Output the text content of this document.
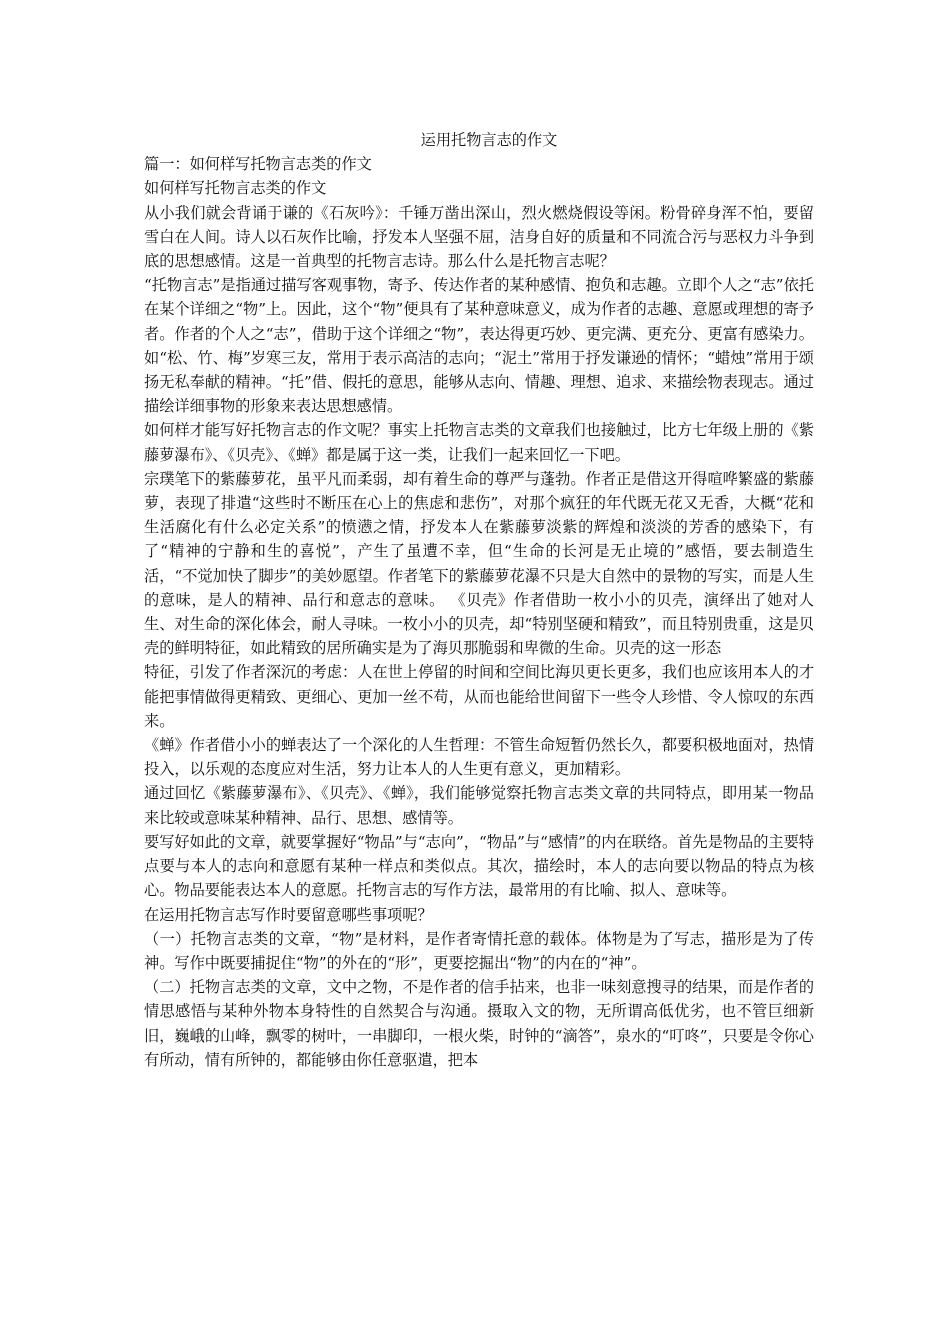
运用托物言志的作文

篇一：如何样写托物言志类的作文

如何样写托物言志类的作文

从小我们就会背诵于谦的《石灰吟》：千锤万凿出深山，烈火燃烧假设等闲。粉骨碎身浑不怕，要留雪白在人间。诗人以石灰作比喻，抒发本人坚强不屈，洁身自好的质量和不同流合污与恶权力斗争到底的思想感情。这是一首典型的托物言志诗。那么什么是托物言志呢？

“托物言志”是指通过描写客观事物，寄予、传达作者的某种感情、抱负和志趣。立即个人之“志”依托在某个详细之“物”上。因此，这个“物”便具有了某种意味意义，成为作者的志趣、意愿或理想的寄予者。作者的个人之“志”，借助于这个详细之“物”，表达得更巧妙、更完满、更充分、更富有感染力。如“松、竹、梅”岁寒三友，常用于表示高洁的志向；“泥土”常用于抒发谦逊的情怀；“蜡烛”常用于颂扬无私奉献的精神。“托”借、假托的意思，能够从志向、情趣、理想、追求、来描绘物表现志。通过描绘详细事物的形象来表达思想感情。

如何样才能写好托物言志的作文呢？事实上托物言志类的文章我们也接触过，比方七年级上册的《紫藤萝瀑布》、《贝壳》、《蝉》都是属于这一类，让我们一起来回忆一下吧。

宗璞笔下的紫藤萝花，虽平凡而柔弱，却有着生命的尊严与蓬勃。作者正是借这开得喧哗繁盛的紫藤萝，表现了排遣“这些时不断压在心上的焦虑和悲伤”，对那个疯狂的年代既无花又无香，大概“花和生活腐化有什么必定关系”的愤懑之情，抒发本人在紫藤萝淡紫的辉煌和淡淡的芳香的感染下，有了“精神的宁静和生的喜悦”，产生了虽遭不幸，但“生命的长河是无止境的”感悟，要去制造生活，“不觉加快了脚步”的美妙愿望。作者笔下的紫藤萝花瀑不只是大自然中的景物的写实，而是人生的意味，是人的精神、品行和意志的意味。 《贝壳》作者借助一枚小小的贝壳，演绎出了她对人生、对生命的深化体会，耐人寻味。一枚小小的贝壳，却“特别坚硬和精致”，而且特别贵重，这是贝壳的鲜明特征，如此精致的居所确实是为了海贝那脆弱和卑微的生命。贝壳的这一形态

特征，引发了作者深沉的考虑：人在世上停留的时间和空间比海贝更长更多，我们也应该用本人的才能把事情做得更精致、更细心、更加一丝不苟，从而也能给世间留下一些令人珍惜、令人惊叹的东西来。

《蝉》作者借小小的蝉表达了一个深化的人生哲理：不管生命短暂仍然长久，都要积极地面对，热情投入，以乐观的态度应对生活，努力让本人的人生更有意义，更加精彩。

通过回忆《紫藤萝瀑布》、《贝壳》、《蝉》，我们能够觉察托物言志类文章的共同特点，即用某一物品来比较或意味某种精神、品行、思想、感情等。

要写好如此的文章，就要掌握好“物品”与“志向”，“物品”与“感情”的内在联络。首先是物品的主要特点要与本人的志向和意愿有某种一样点和类似点。其次，描绘时，本人的志向要以物品的特点为核心。物品要能表达本人的意愿。托物言志的写作方法，最常用的有比喻、拟人、意味等。

在运用托物言志写作时要留意哪些事项呢？

（一）托物言志类的文章，“物”是材料，是作者寄情托意的载体。体物是为了写志，描形是为了传神。写作中既要捕捉住“物”的外在的“形”，更要挖掘出“物”的内在的“神”。

（二）托物言志类的文章，文中之物，不是作者的信手拈来，也非一味刻意搜寻的结果，而是作者的情思感悟与某种外物本身特性的自然契合与沟通。摄取入文的物，无所谓高低优劣，也不管巨细新旧，巍峨的山峰，飘零的树叶，一串脚印，一根火柴，时钟的“滴答”，泉水的“叮咚”，只要是令你心有所动，情有所钟的，都能够由你任意驱遣，把本
